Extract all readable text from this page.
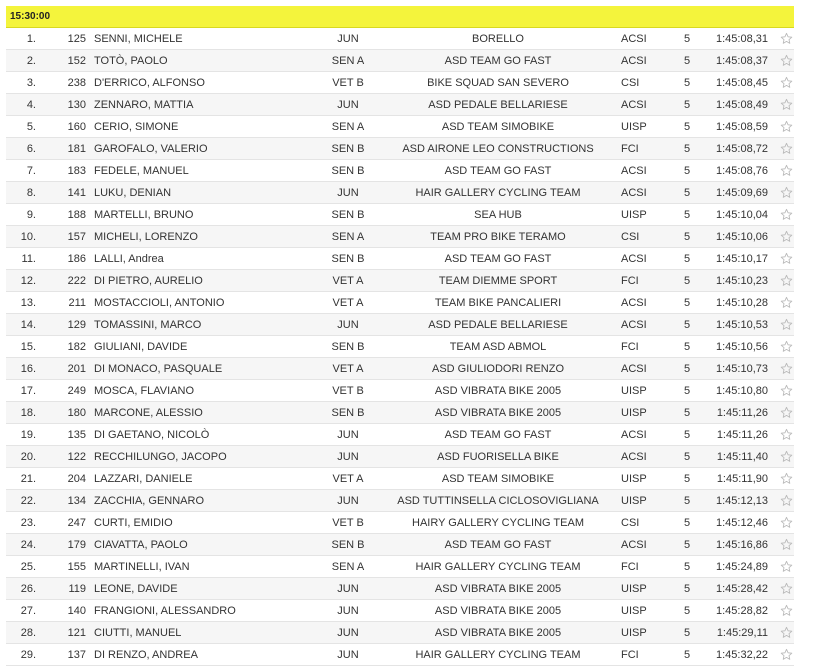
15:30:00
1.	125 SENNI, MICHELE	JUN	BORELLO	ACSI	5	1:45:08,31
2.	152 TOTÒ, PAOLO	SEN A	ASD TEAM GO FAST	ACSI	5	1:45:08,37
3.	238 D'ERRICO, ALFONSO	VET B	BIKE SQUAD SAN SEVERO	CSI	5	1:45:08,45
4.	130 ZENNARO, MATTIA	JUN	ASD PEDALE BELLARIESE	ACSI	5	1:45:08,49
5.	160 CERIO, SIMONE	SEN A	ASD TEAM SIMOBIKE	UISP	5	1:45:08,59
6.	181 GAROFALO, VALERIO	SEN B	ASD AIRONE LEO CONSTRUCTIONS	FCI	5	1:45:08,72
7.	183 FEDELE, MANUEL	SEN B	ASD TEAM GO FAST	ACSI	5	1:45:08,76
8.	141 LUKU, DENIAN	JUN	HAIR GALLERY CYCLING TEAM	ACSI	5	1:45:09,69
9.	188 MARTELLI, BRUNO	SEN B	SEA HUB	UISP	5	1:45:10,04
10.	157 MICHELI, LORENZO	SEN A	TEAM PRO BIKE TERAMO	CSI	5	1:45:10,06
11.	186 LALLI, Andrea	SEN B	ASD TEAM GO FAST	ACSI	5	1:45:10,17
12.	222 DI PIETRO, AURELIO	VET A	TEAM DIEMME SPORT	FCI	5	1:45:10,23
13.	211 MOSTACCIOLI, ANTONIO	VET A	TEAM BIKE PANCALIERI	ACSI	5	1:45:10,28
14.	129 TOMASSINI, MARCO	JUN	ASD PEDALE BELLARIESE	ACSI	5	1:45:10,53
15.	182 GIULIANI, DAVIDE	SEN B	TEAM ASD ABMOL	FCI	5	1:45:10,56
16.	201 DI MONACO, PASQUALE	VET A	ASD GIULIODORI RENZO	ACSI	5	1:45:10,73
17.	249 MOSCA, FLAVIANO	VET B	ASD VIBRATA BIKE 2005	UISP	5	1:45:10,80
18.	180 MARCONE, ALESSIO	SEN B	ASD VIBRATA BIKE 2005	UISP	5	1:45:11,26
19.	135 DI GAETANO, NICOLÒ	JUN	ASD TEAM GO FAST	ACSI	5	1:45:11,26
20.	122 RECCHILUNGO, JACOPO	JUN	ASD FUORISELLA BIKE	ACSI	5	1:45:11,40
21.	204 LAZZARI, DANIELE	VET A	ASD TEAM SIMOBIKE	UISP	5	1:45:11,90
22.	134 ZACCHIA, GENNARO	JUN	ASD TUTTINSELLA CICLOSOVIGLIANA	UISP	5	1:45:12,13
23.	247 CURTI, EMIDIO	VET B	HAIRY GALLERY CYCLING TEAM	CSI	5	1:45:12,46
24.	179 CIAVATTA, PAOLO	SEN B	ASD TEAM GO FAST	ACSI	5	1:45:16,86
25.	155 MARTINELLI, IVAN	SEN A	HAIR GALLERY CYCLING TEAM	FCI	5	1:45:24,89
26.	119 LEONE, DAVIDE	JUN	ASD VIBRATA BIKE 2005	UISP	5	1:45:28,42
27.	140 FRANGIONI, ALESSANDRO	JUN	ASD VIBRATA BIKE 2005	UISP	5	1:45:28,82
28.	121 CIUTTI, MANUEL	JUN	ASD VIBRATA BIKE 2005	UISP	5	1:45:29,11
29.	137 DI RENZO, ANDREA	JUN	HAIR GALLERY CYCLING TEAM	FCI	5	1:45:32,22
